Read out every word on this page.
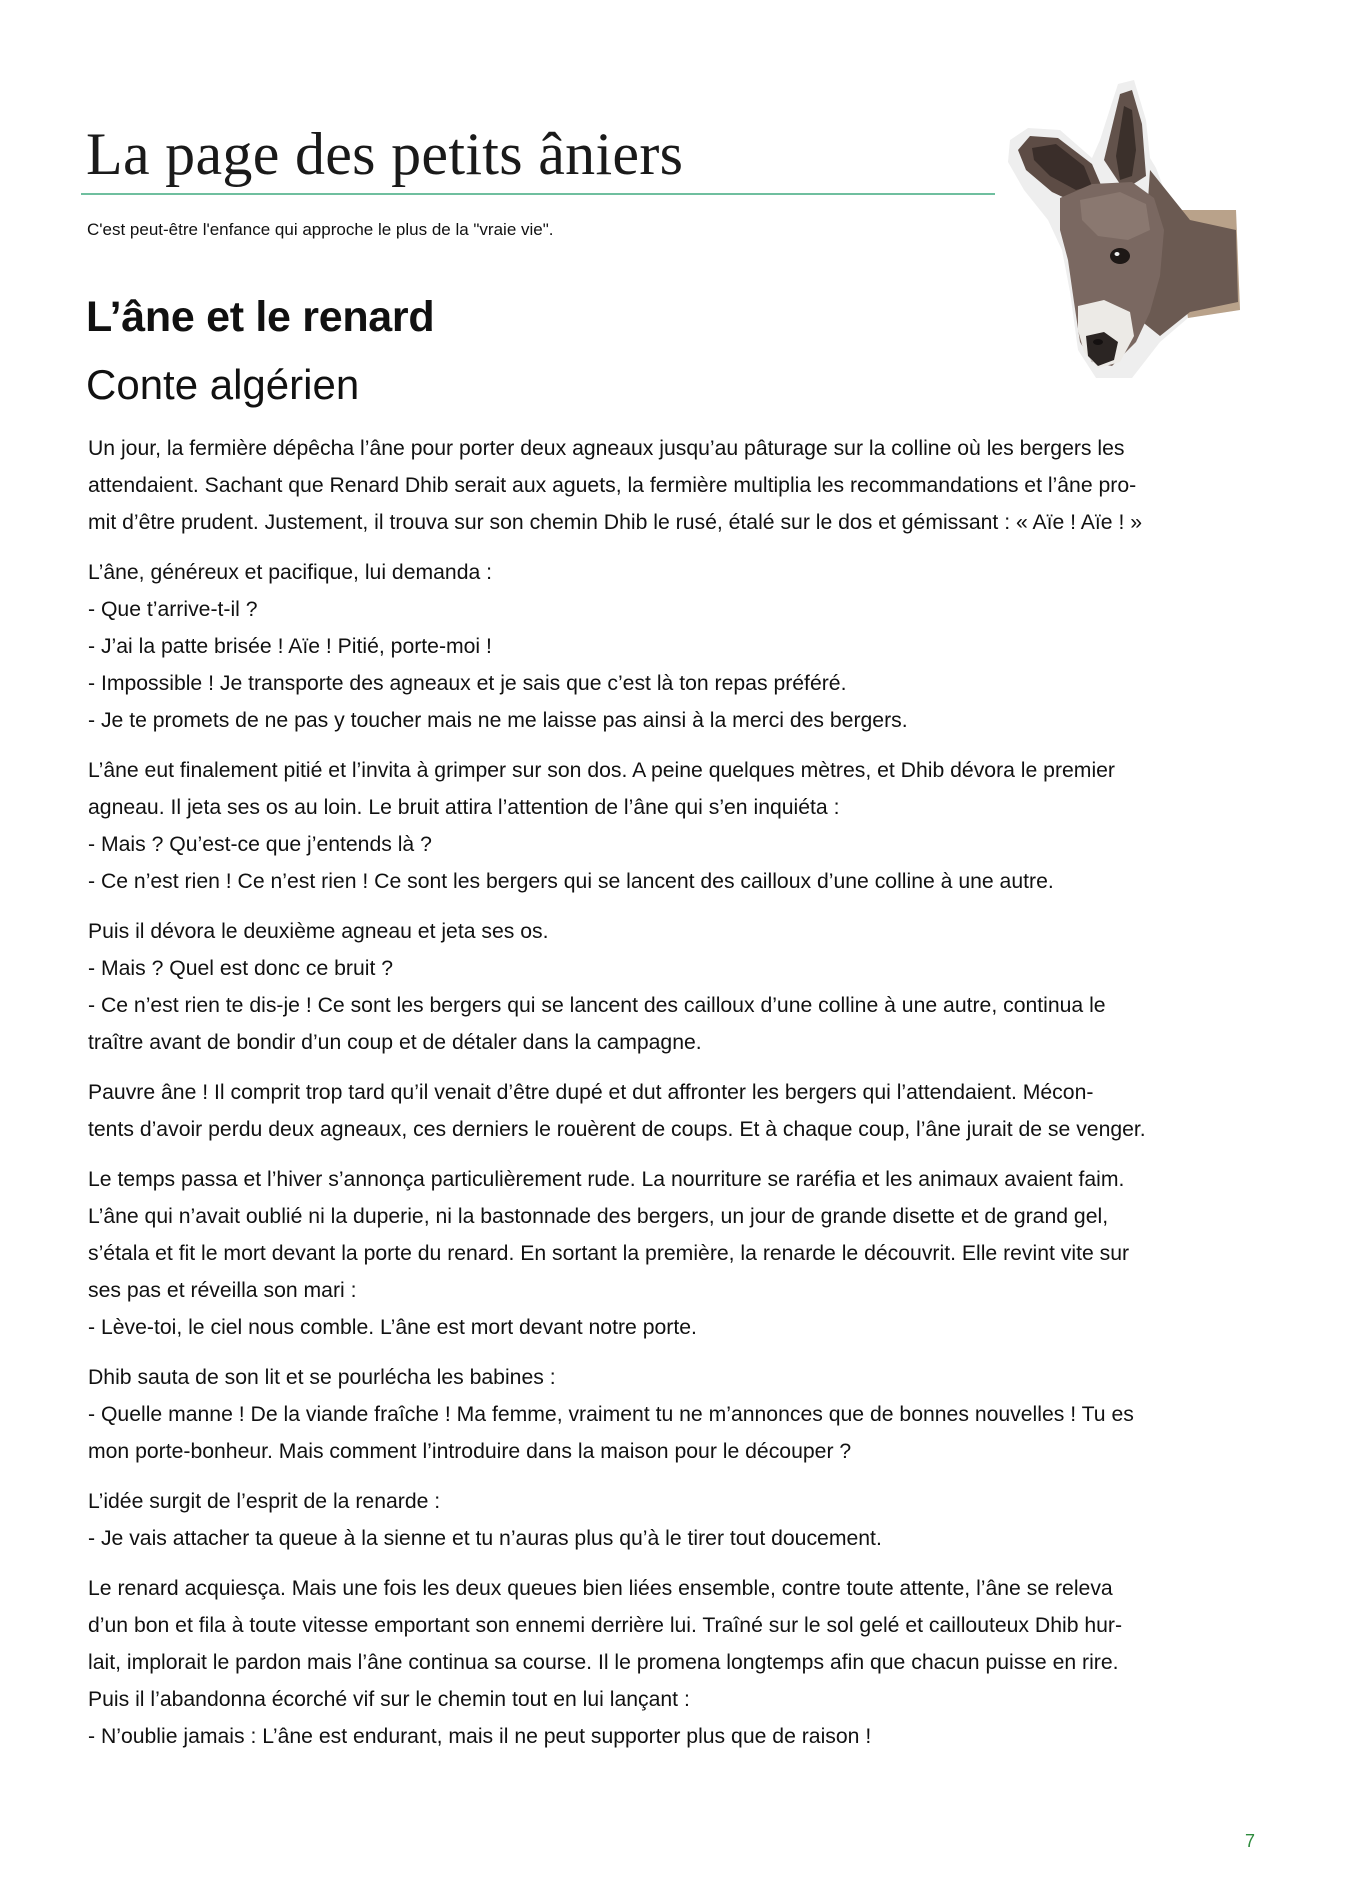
La page des petits âniers
C'est peut-être l'enfance qui approche le plus de la "vraie vie".
L’âne et le renard
Conte algérien

Un jour, la fermière dépêcha l’âne pour porter deux agneaux jusqu’au pâturage sur la colline où les bergers les
attendaient. Sachant que Renard Dhib serait aux aguets, la fermière multiplia les recommandations et l’âne pro-
mit d’être prudent. Justement, il trouva sur son chemin Dhib le rusé, étalé sur le dos et gémissant : « Aïe ! Aïe ! »

L’âne, généreux et pacifique, lui demanda :
- Que t’arrive-t-il ?
- J’ai la patte brisée ! Aïe ! Pitié, porte-moi !
- Impossible ! Je transporte des agneaux et je sais que c’est là ton repas préféré.
- Je te promets de ne pas y toucher mais ne me laisse pas ainsi à la merci des bergers.

L’âne eut finalement pitié et l’invita à grimper sur son dos. A peine quelques mètres, et Dhib dévora le premier
agneau. Il jeta ses os au loin. Le bruit attira l’attention de l’âne qui s’en inquiéta :
- Mais ? Qu’est-ce que j’entends là ?
- Ce n’est rien ! Ce n’est rien ! Ce sont les bergers qui se lancent des cailloux d’une colline à une autre.

Puis il dévora le deuxième agneau et jeta ses os.
- Mais ? Quel est donc ce bruit ?
- Ce n’est rien te dis-je ! Ce sont les bergers qui se lancent des cailloux d’une colline à une autre, continua le
traître avant de bondir d’un coup et de détaler dans la campagne.

Pauvre âne ! Il comprit trop tard qu’il venait d’être dupé et dut affronter les bergers qui l’attendaient. Mécon-
tents d’avoir perdu deux agneaux, ces derniers le rouèrent de coups. Et à chaque coup, l’âne jurait de se venger.

Le temps passa et l’hiver s’annonça particulièrement rude. La nourriture se raréfia et les animaux avaient faim.
L’âne qui n’avait oublié ni la duperie, ni la bastonnade des bergers, un jour de grande disette et de grand gel,
s’étala et fit le mort devant la porte du renard. En sortant la première, la renarde le découvrit. Elle revint vite sur
ses pas et réveilla son mari :
- Lève-toi, le ciel nous comble. L’âne est mort devant notre porte.

Dhib sauta de son lit et se pourlécha les babines :
- Quelle manne ! De la viande fraîche ! Ma femme, vraiment tu ne m’annonces que de bonnes nouvelles ! Tu es
mon porte-bonheur. Mais comment l’introduire dans la maison pour le découper ?

L’idée surgit de l’esprit de la renarde :
- Je vais attacher ta queue à la sienne et tu n’auras plus qu’à le tirer tout doucement.

Le renard acquiesça. Mais une fois les deux queues bien liées ensemble, contre toute attente, l’âne se releva
d’un bon et fila à toute vitesse emportant son ennemi derrière lui. Traîné sur le sol gelé et caillouteux Dhib hur-
lait, implorait le pardon mais l’âne continua sa course. Il le promena longtemps afin que chacun puisse en rire.
Puis il l’abandonna écorché vif sur le chemin tout en lui lançant :
- N’oublie jamais : L’âne est endurant, mais il ne peut supporter plus que de raison !

7
